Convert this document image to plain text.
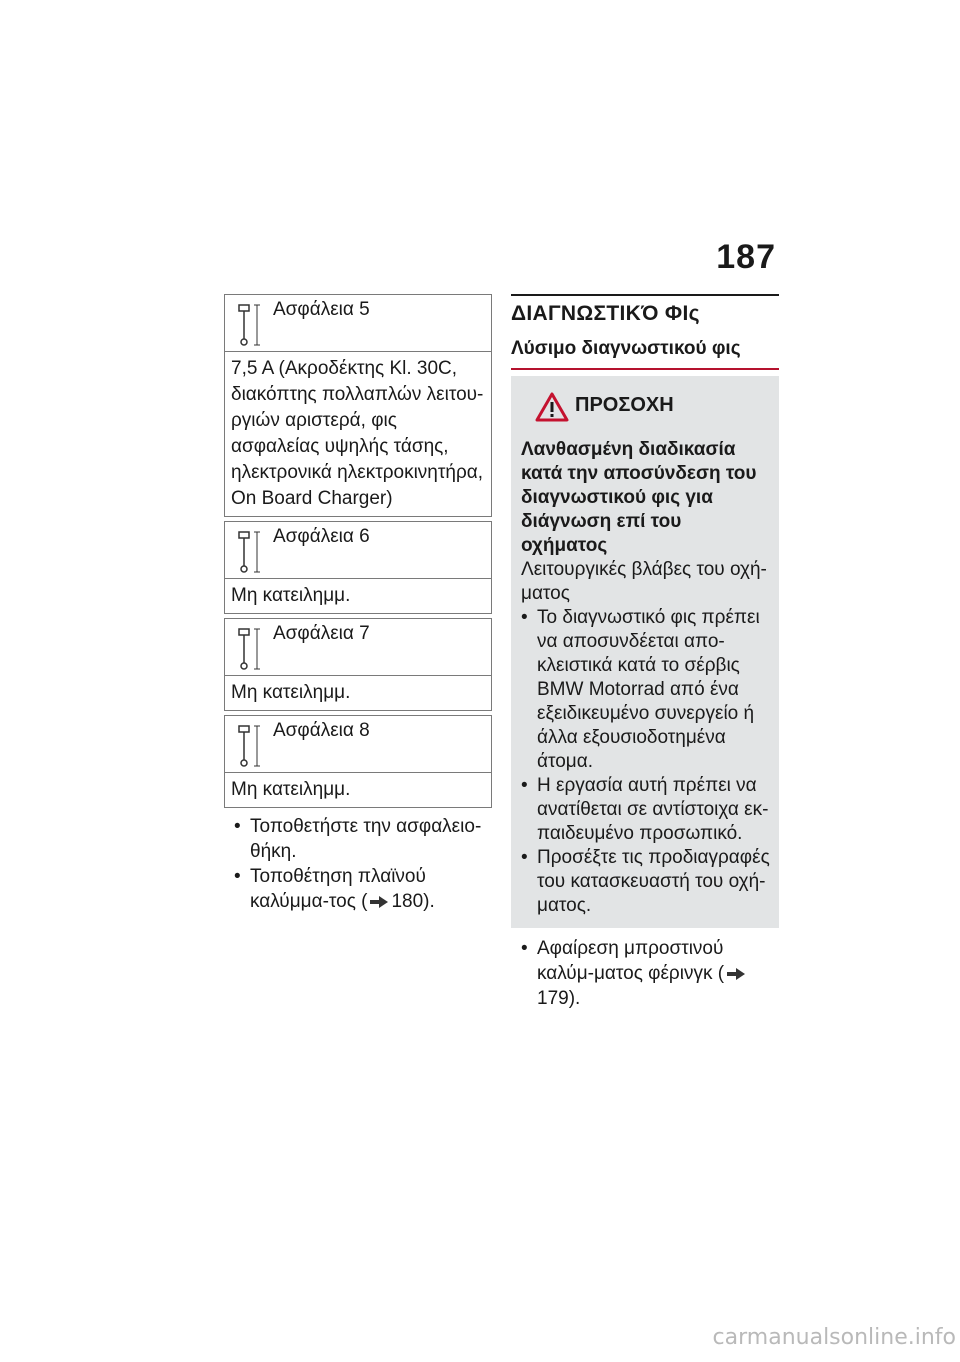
187
Ασφάλεια 5
7,5 A (Ακροδέκτης Kl. 30C, διακόπτης πολλαπλών λειτου-ργιών αριστερά, φις ασφαλείας υψηλής τάσης, ηλεκτρονικά ηλεκτροκινητήρα, On Board Charger)
Ασφάλεια 6
Μη κατειλημμ.
Ασφάλεια 7
Μη κατειλημμ.
Ασφάλεια 8
Μη κατειλημμ.
• Τοποθετήστε την ασφαλειο-θήκη.
• Τοποθέτηση πλαϊνού καλύμμα-τος ( 180).
ΔΙΑΓΝΩΣΤΙΚΌ ΦΙς
Λύσιμο διαγνωστικού φις
ΠΡΟΣΟΧΗ
Λανθασμένη διαδικασία κατά την αποσύνδεση του διαγνωστικού φις για διάγνωση επί του οχήματος
Λειτουργικές βλάβες του οχή-ματος
• Το διαγνωστικό φις πρέπει να αποσυνδέεται απο-κλειστικά κατά το σέρβις BMW Motorrad από ένα εξειδικευμένο συνεργείο ή άλλα εξουσιοδοτημένα άτομα.
• Η εργασία αυτή πρέπει να ανατίθεται σε αντίστοιχα εκ-παιδευμένο προσωπικό.
• Προσέξτε τις προδιαγραφές του κατασκευαστή του οχή-ματος.
• Αφαίρεση μπροστινού καλύμ-ματος φέρινγκ (179).
carmanualsonline.info
